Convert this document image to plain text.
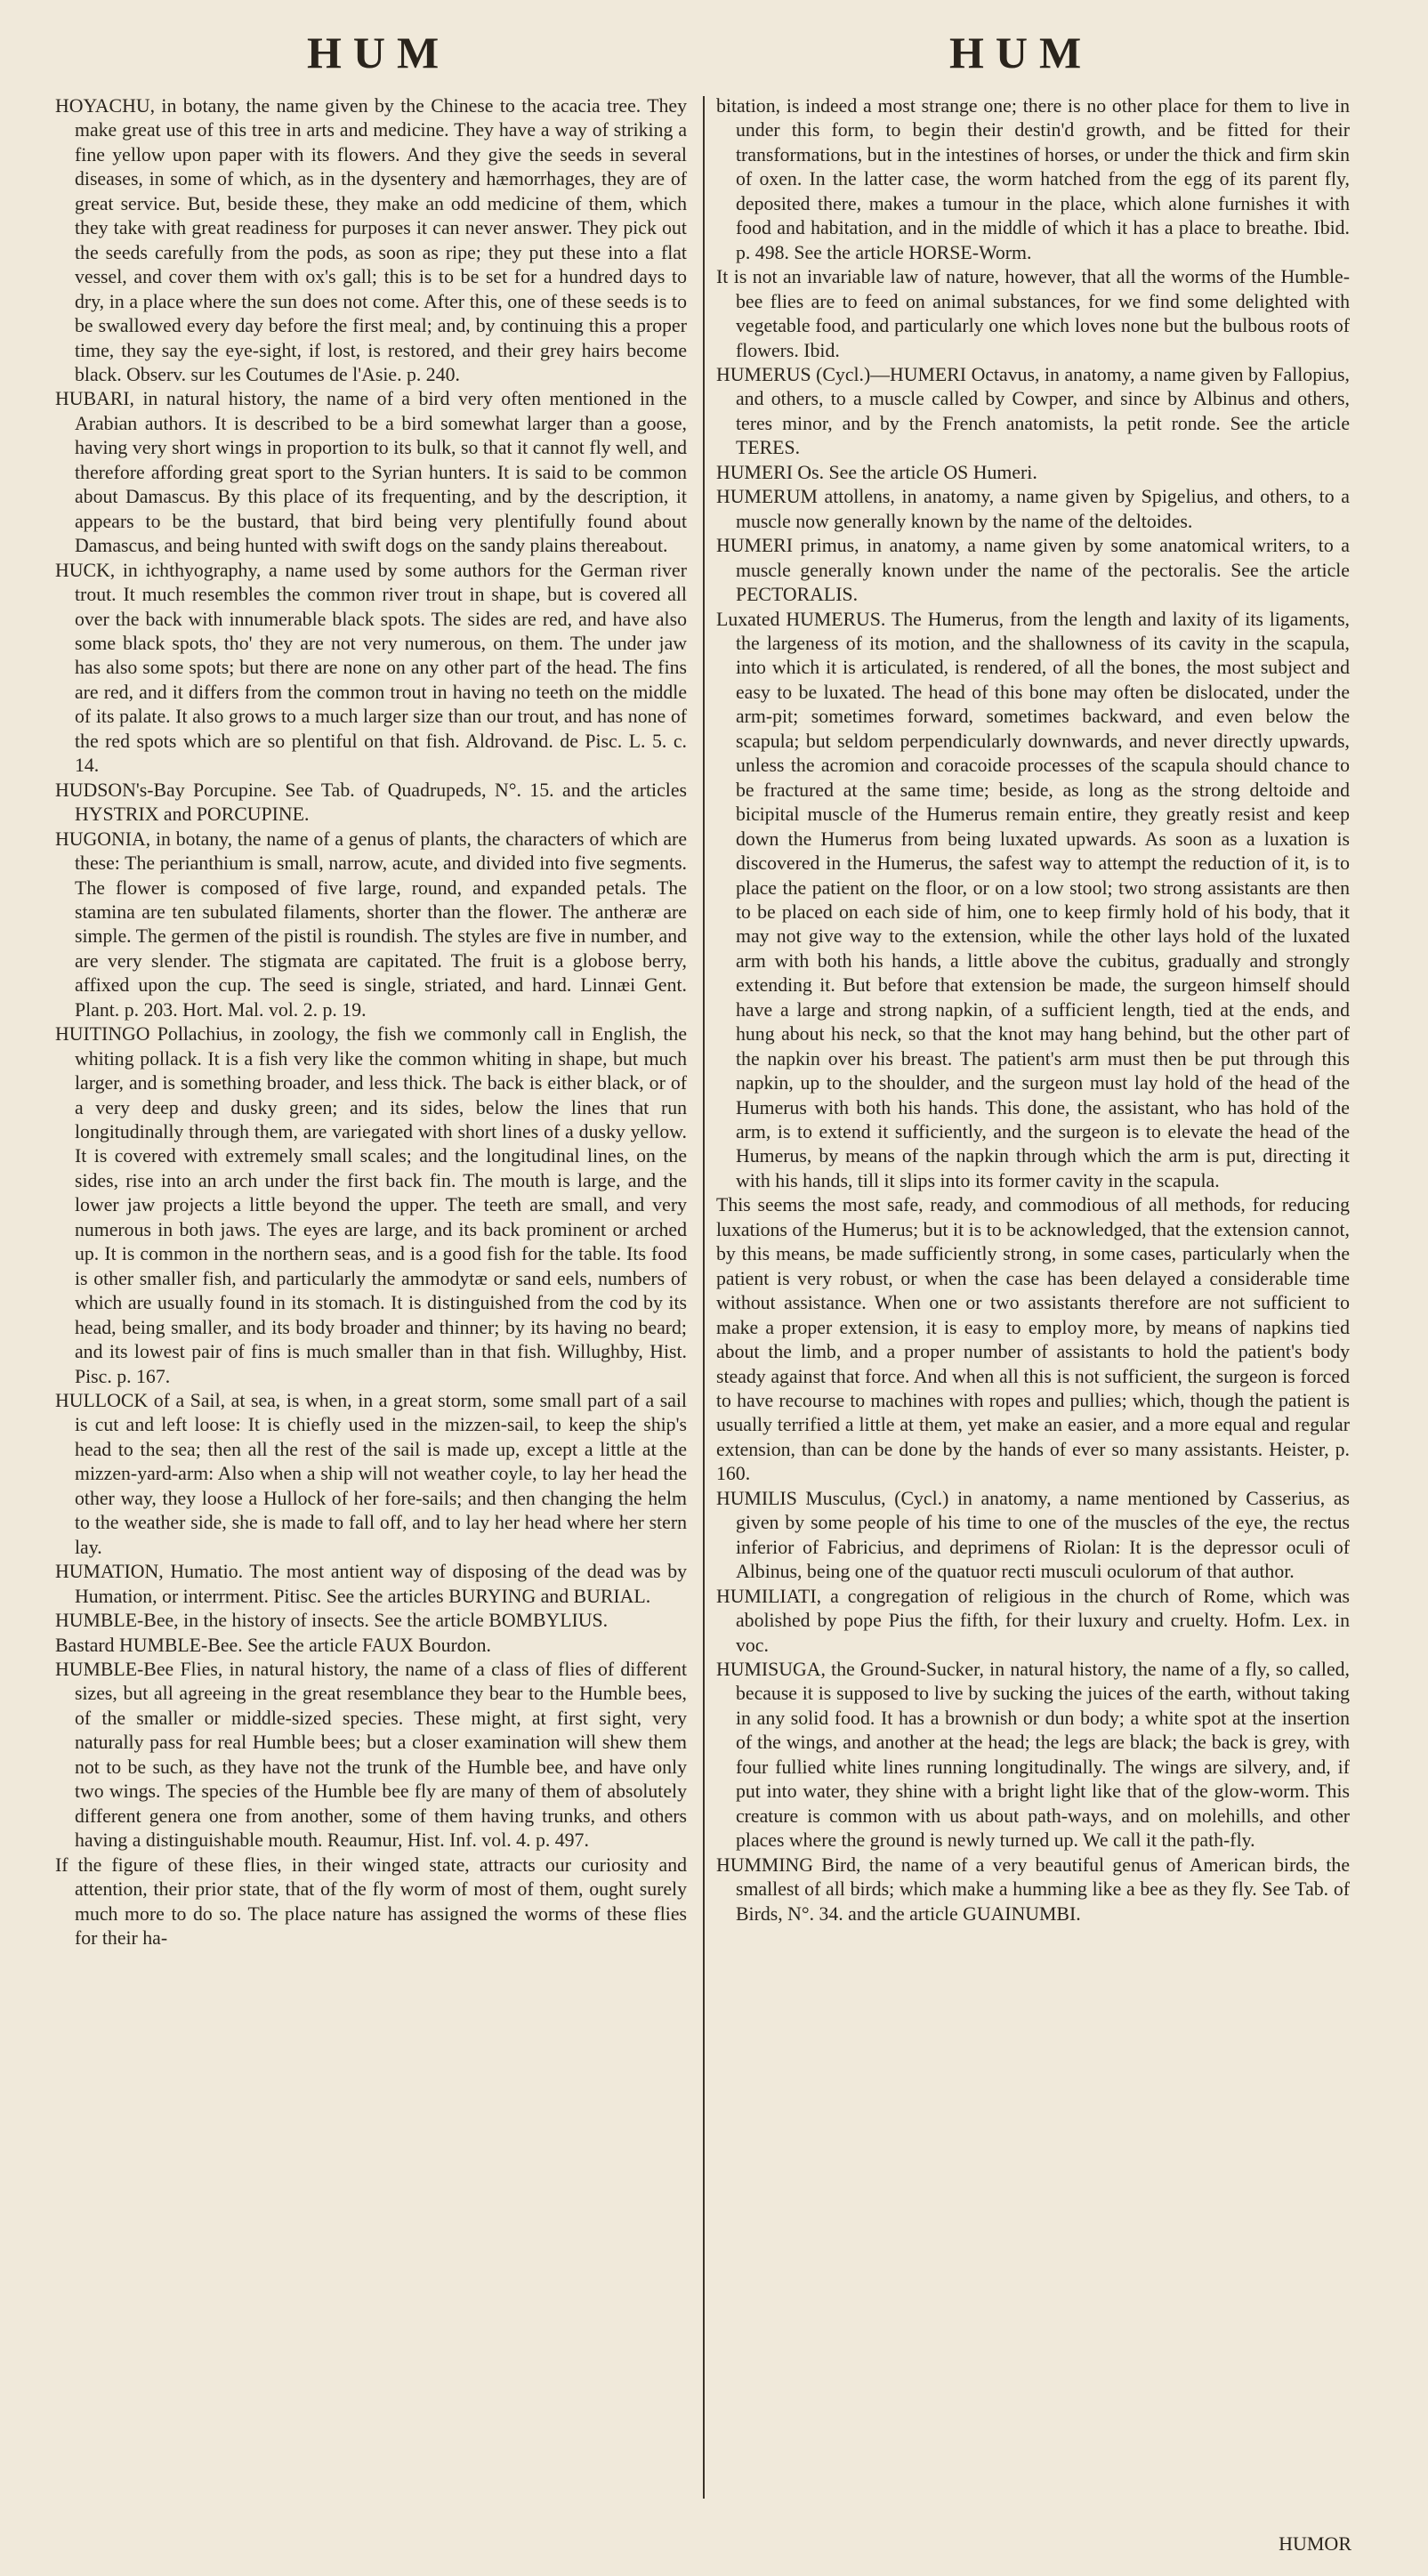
HUM	HUM

HOYACHU, in botany, the name given by the Chinese to the acacia tree. They make great use of this tree in arts and medicine. They have a way of striking a fine yellow upon paper with its flowers. And they give the seeds in several diseases, in some of which, as in the dysentery and hæmorrhages, they are of great service. But, beside these, they make an odd medicine of them, which they take with great readiness for purposes it can never answer. They pick out the seeds carefully from the pods, as soon as ripe; they put these into a flat vessel, and cover them with ox's gall; this is to be set for a hundred days to dry, in a place where the sun does not come. After this, one of these seeds is to be swallowed every day before the first meal; and, by continuing this a proper time, they say the eye-sight, if lost, is restored, and their grey hairs become black. Observ. sur les Coutumes de l'Asie. p. 240.

HUBARI, in natural history, the name of a bird very often mentioned in the Arabian authors. It is described to be a bird somewhat larger than a goose, having very short wings in proportion to its bulk, so that it cannot fly well, and therefore affording great sport to the Syrian hunters. It is said to be common about Damascus. By this place of its frequenting, and by the description, it appears to be the bustard, that bird being very plentifully found about Damascus, and being hunted with swift dogs on the sandy plains thereabout.

HUCK, in ichthyography, a name used by some authors for the German river trout. It much resembles the common river trout in shape, but is covered all over the back with innumerable black spots. The sides are red, and have also some black spots, tho' they are not very numerous, on them. The under jaw has also some spots; but there are none on any other part of the head. The fins are red, and it differs from the common trout in having no teeth on the middle of its palate. It also grows to a much larger size than our trout, and has none of the red spots which are so plentiful on that fish. Aldrovand. de Pisc. L. 5. c. 14.

HUDSON's-Bay Porcupine. See Tab. of Quadrupeds, N°. 15. and the articles HYSTRIX and PORCUPINE.

HUGONIA, in botany, the name of a genus of plants, the characters of which are these: The perianthium is small, narrow, acute, and divided into five segments. The flower is composed of five large, round, and expanded petals. The stamina are ten subulated filaments, shorter than the flower. The antheræ are simple. The germen of the pistil is roundish. The styles are five in number, and are very slender. The stigmata are capitated. The fruit is a globose berry, affixed upon the cup. The seed is single, striated, and hard. Linnæi Gent. Plant. p. 203. Hort. Mal. vol. 2. p. 19.

HUITINGO Pollachius, in zoology, the fish we commonly call in English, the whiting pollack. It is a fish very like the common whiting in shape, but much larger, and is something broader, and less thick. The back is either black, or of a very deep and dusky green; and its sides, below the lines that run longitudinally through them, are variegated with short lines of a dusky yellow. It is covered with extremely small scales; and the longitudinal lines, on the sides, rise into an arch under the first back fin. The mouth is large, and the lower jaw projects a little beyond the upper. The teeth are small, and very numerous in both jaws. The eyes are large, and its back prominent or arched up. It is common in the northern seas, and is a good fish for the table. Its food is other smaller fish, and particularly the ammodytæ or sand eels, numbers of which are usually found in its stomach. It is distinguished from the cod by its head, being smaller, and its body broader and thinner; by its having no beard; and its lowest pair of fins is much smaller than in that fish. Willughby, Hist. Pisc. p. 167.

HULLOCK of a Sail, at sea, is when, in a great storm, some small part of a sail is cut and left loose: It is chiefly used in the mizzen-sail, to keep the ship's head to the sea; then all the rest of the sail is made up, except a little at the mizzen-yard-arm: Also when a ship will not weather coyle, to lay her head the other way, they loose a Hullock of her fore-sails; and then changing the helm to the weather side, she is made to fall off, and to lay her head where her stern lay.

HUMATION, Humatio. The most antient way of disposing of the dead was by Humation, or interrment. Pitisc. See the articles BURYING and BURIAL.

HUMBLE-Bee, in the history of insects. See the article BOMBYLIUS.

Bastard HUMBLE-Bee. See the article FAUX Bourdon.

HUMBLE-Bee Flies, in natural history, the name of a class of flies of different sizes, but all agreeing in the great resemblance they bear to the Humble bees, of the smaller or middle-sized species. These might, at first sight, very naturally pass for real Humble bees; but a closer examination will shew them not to be such, as they have not the trunk of the Humble bee, and have only two wings. The species of the Humble bee fly are many of them of absolutely different genera one from another, some of them having trunks, and others having a distinguishable mouth. Reaumur, Hist. Inf. vol. 4. p. 497.

If the figure of these flies, in their winged state, attracts our curiosity and attention, their prior state, that of the fly worm of most of them, ought surely much more to do so. The place nature has assigned the worms of these flies for their ha-

bitation, is indeed a most strange one; there is no other place for them to live in under this form, to begin their destin'd growth, and be fitted for their transformations, but in the intestines of horses, or under the thick and firm skin of oxen. In the latter case, the worm hatched from the egg of its parent fly, deposited there, makes a tumour in the place, which alone furnishes it with food and habitation, and in the middle of which it has a place to breathe. Ibid. p. 498. See the article HORSE-Worm.

It is not an invariable law of nature, however, that all the worms of the Humble-bee flies are to feed on animal substances, for we find some delighted with vegetable food, and particularly one which loves none but the bulbous roots of flowers. Ibid.

HUMERUS (Cycl.)—HUMERI Octavus, in anatomy, a name given by Fallopius, and others, to a muscle called by Cowper, and since by Albinus and others, teres minor, and by the French anatomists, la petit ronde. See the article TERES.

HUMERI Os. See the article OS Humeri.

HUMERUM attollens, in anatomy, a name given by Spigelius, and others, to a muscle now generally known by the name of the deltoides.

HUMERI primus, in anatomy, a name given by some anatomical writers, to a muscle generally known under the name of the pectoralis. See the article PECTORALIS.

Luxated HUMERUS. The Humerus, from the length and laxity of its ligaments, the largeness of its motion, and the shallowness of its cavity in the scapula, into which it is articulated, is rendered, of all the bones, the most subject and easy to be luxated. The head of this bone may often be dislocated, under the arm-pit; sometimes forward, sometimes backward, and even below the scapula; but seldom perpendicularly downwards, and never directly upwards, unless the acromion and coracoide processes of the scapula should chance to be fractured at the same time; beside, as long as the strong deltoide and bicipital muscle of the Humerus remain entire, they greatly resist and keep down the Humerus from being luxated upwards. As soon as a luxation is discovered in the Humerus, the safest way to attempt the reduction of it, is to place the patient on the floor, or on a low stool; two strong assistants are then to be placed on each side of him, one to keep firmly hold of his body, that it may not give way to the extension, while the other lays hold of the luxated arm with both his hands, a little above the cubitus, gradually and strongly extending it. But before that extension be made, the surgeon himself should have a large and strong napkin, of a sufficient length, tied at the ends, and hung about his neck, so that the knot may hang behind, but the other part of the napkin over his breast. The patient's arm must then be put through this napkin, up to the shoulder, and the surgeon must lay hold of the head of the Humerus with both his hands. This done, the assistant, who has hold of the arm, is to extend it sufficiently, and the surgeon is to elevate the head of the Humerus, by means of the napkin through which the arm is put, directing it with his hands, till it slips into its former cavity in the scapula.

This seems the most safe, ready, and commodious of all methods, for reducing luxations of the Humerus; but it is to be acknowledged, that the extension cannot, by this means, be made sufficiently strong, in some cases, particularly when the patient is very robust, or when the case has been delayed a considerable time without assistance. When one or two assistants therefore are not sufficient to make a proper extension, it is easy to employ more, by means of napkins tied about the limb, and a proper number of assistants to hold the patient's body steady against that force. And when all this is not sufficient, the surgeon is forced to have recourse to machines with ropes and pullies; which, though the patient is usually terrified a little at them, yet make an easier, and a more equal and regular extension, than can be done by the hands of ever so many assistants. Heister, p. 160.

HUMILIS Musculus, (Cycl.) in anatomy, a name mentioned by Casserius, as given by some people of his time to one of the muscles of the eye, the rectus inferior of Fabricius, and deprimens of Riolan: It is the depressor oculi of Albinus, being one of the quatuor recti musculi oculorum of that author.

HUMILIATI, a congregation of religious in the church of Rome, which was abolished by pope Pius the fifth, for their luxury and cruelty. Hofm. Lex. in voc.

HUMISUGA, the Ground-Sucker, in natural history, the name of a fly, so called, because it is supposed to live by sucking the juices of the earth, without taking in any solid food. It has a brownish or dun body; a white spot at the insertion of the wings, and another at the head; the legs are black; the back is grey, with four fullied white lines running longitudinally. The wings are silvery, and, if put into water, they shine with a bright light like that of the glow-worm. This creature is common with us about path-ways, and on molehills, and other places where the ground is newly turned up. We call it the path-fly.

HUMMING Bird, the name of a very beautiful genus of American birds, the smallest of all birds; which make a humming like a bee as they fly. See Tab. of Birds, N°. 34. and the article GUAINUMBI.

HUMOR
